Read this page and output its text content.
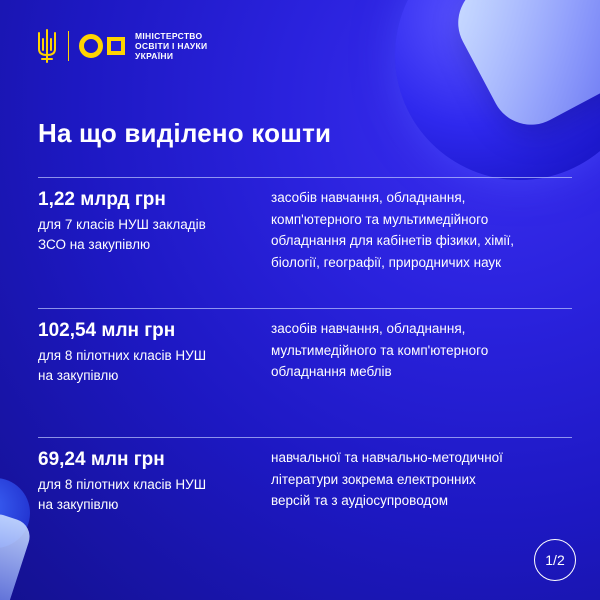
МІНІСТЕРСТВО
ОСВІТИ І НАУКИ
УКРАЇНИ
На що виділено кошти
1,22 млрд грн
для 7 класів НУШ закладів
ЗСО на закупівлю
засобів навчання, обладнання,
комп'ютерного та мультимедійного
обладнання для кабінетів фізики, хімії,
біології, географії, природничих наук
102,54 млн грн
для 8 пілотних класів НУШ
на закупівлю
засобів навчання, обладнання,
мультимедійного та комп'ютерного
обладнання меблів
69,24 млн грн
для 8 пілотних класів НУШ
на закупівлю
навчальної та навчально-методичної
літератури зокрема електронних
версій та з аудіосупроводом
1/2
